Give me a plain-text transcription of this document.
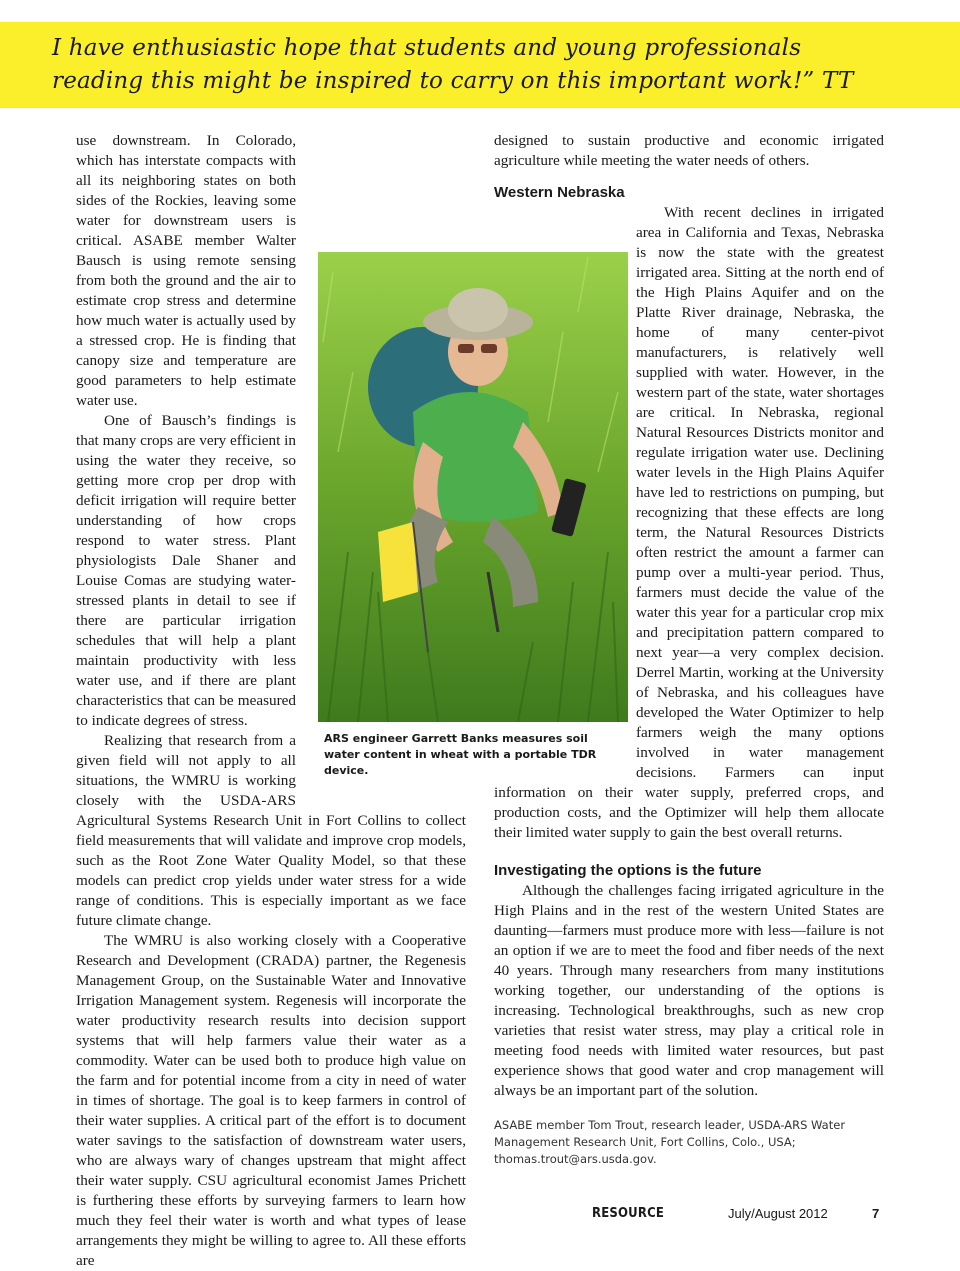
I have enthusiastic hope that students and young professionals
reading this might be inspired to carry on this important work!” TT

use downstream. In Colorado, which has interstate compacts with all its neighboring states on both sides of the Rockies, leaving some water for downstream users is critical. ASABE member Walter Bausch is using remote sensing from both the ground and the air to estimate crop stress and determine how much water is actually used by a stressed crop. He is finding that canopy size and temperature are good parameters to help estimate water use.

One of Bausch’s findings is that many crops are very efficient in using the water they receive, so getting more crop per drop with deficit irrigation will require better understanding of how crops respond to water stress. Plant physiologists Dale Shaner and Louise Comas are studying water-stressed plants in detail to see if there are particular irrigation schedules that will help a plant maintain productivity with less water use, and if there are plant characteristics that can be measured to indicate degrees of stress.

Realizing that research from a given field will not apply to all situations, the WMRU is working closely with the USDA-ARS Agricultural Systems Research Unit in Fort Collins to collect field measurements that will validate and improve crop models, such as the Root Zone Water Quality Model, so that these models can predict crop yields under water stress for a wide range of conditions. This is especially important as we face future climate change.

The WMRU is also working closely with a Cooperative Research and Development (CRADA) partner, the Regenesis Management Group, on the Sustainable Water and Innovative Irrigation Management system. Regenesis will incorporate the water productivity research results into decision support systems that will help farmers value their water as a commodity. Water can be used both to produce high value on the farm and for potential income from a city in need of water in times of shortage. The goal is to keep farmers in control of their water supplies. A critical part of the effort is to document water savings to the satisfaction of downstream water users, who are always wary of changes upstream that might affect their water supply. CSU agricultural economist James Prichett is furthering these efforts by surveying farmers to learn how much they feel their water is worth and what types of lease arrangements they might be willing to agree to. All these efforts are

designed to sustain productive and economic irrigated agriculture while meeting the water needs of others.

Western Nebraska

With recent declines in irrigated area in California and Texas, Nebraska is now the state with the greatest irrigated area. Sitting at the north end of the High Plains Aquifer and on the Platte River drainage, Nebraska, the home of many center-pivot manufacturers, is relatively well supplied with water. However, in the western part of the state, water shortages are critical. In Nebraska, regional Natural Resources Districts monitor and regulate irrigation water use. Declining water levels in the High Plains Aquifer have led to restrictions on pumping, but recognizing that these effects are long term, the Natural Resources Districts often restrict the amount a farmer can pump over a multi-year period. Thus, farmers must decide the value of the water this year for a particular crop mix and precipitation pattern compared to next year—a very complex decision. Derrel Martin, working at the University of Nebraska, and his colleagues have developed the Water Optimizer to help farmers weigh the many options involved in water management decisions. Farmers can input information on their water supply, preferred crops, and production costs, and the Optimizer will help them allocate their limited water supply to gain the best overall returns.

Investigating the options is the future

Although the challenges facing irrigated agriculture in the High Plains and in the rest of the western United States are daunting—farmers must produce more with less—failure is not an option if we are to meet the food and fiber needs of the next 40 years. Through many researchers from many institutions working together, our understanding of the options is increasing. Technological breakthroughs, such as new crop varieties that resist water stress, may play a critical role in meeting food needs with limited water resources, but past experience shows that good water and crop management will always be an important part of the solution.

ARS engineer Garrett Banks measures soil water content in wheat with a portable TDR device.
ASABE member Tom Trout, research leader, USDA-ARS Water
Management Research Unit, Fort Collins, Colo., USA;
thomas.trout@ars.usda.gov.
RESOURCE	July/August 2012	7
